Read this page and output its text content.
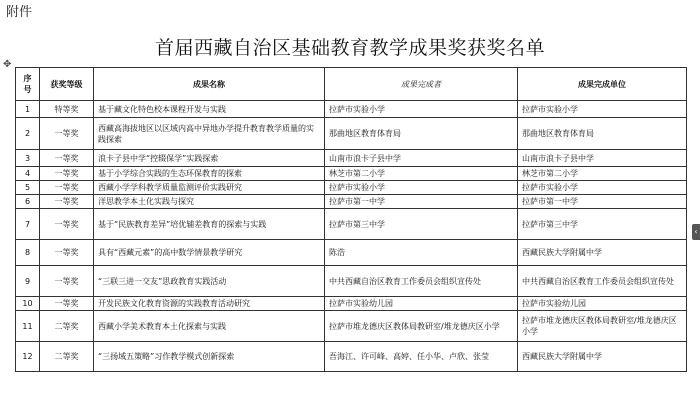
附件
首届西藏自治区基础教育教学成果奖获奖名单
✥
‹
序号	获奖等级	成果名称	成果完成者	成果完成单位
1	特等奖	基于藏文化特色校本课程开发与实践	拉萨市实验小学	拉萨市实验小学
2	一等奖	西藏高海拔地区以区域内高中异地办学提升教育教学质量的实践探索	那曲地区教育体育局	那曲地区教育体育局
3	一等奖	浪卡子县中学“控辍保学”实践探索	山南市浪卡子县中学	山南市浪卡子县中学
4	一等奖	基于小学综合实践的生态环保教育的探索	林芝市第二小学	林芝市第二小学
5	一等奖	西藏小学学科教学质量监测评价实践研究	拉萨市实验小学	拉萨市实验小学
6	一等奖	洋思教学本土化实践与探究	拉萨市第一中学	拉萨市第一中学
7	一等奖	基于“民族教育差异”培优辅差教育的探索与实践	拉萨市第三中学	拉萨市第三中学
8	一等奖	具有“西藏元素”的高中数学情景教学研究	陈浩	西藏民族大学附属中学
9	一等奖	“三联三进一交友”思政教育实践活动	中共西藏自治区教育工作委员会组织宣传处	中共西藏自治区教育工作委员会组织宣传处
10	一等奖	开发民族文化教育资源的实践教育活动研究	拉萨市实验幼儿园	拉萨市实验幼儿园
11	二等奖	西藏小学美术教育本土化探索与实践	拉萨市堆龙德庆区教体局教研室/堆龙德庆区小学	拉萨市堆龙德庆区教体局教研室/堆龙德庆区小学
12	二等奖	“三扬域五策略”习作教学模式创新探索	吾海江、许可峰、高婷、任小华、卢欣、张莹	西藏民族大学附属中学
